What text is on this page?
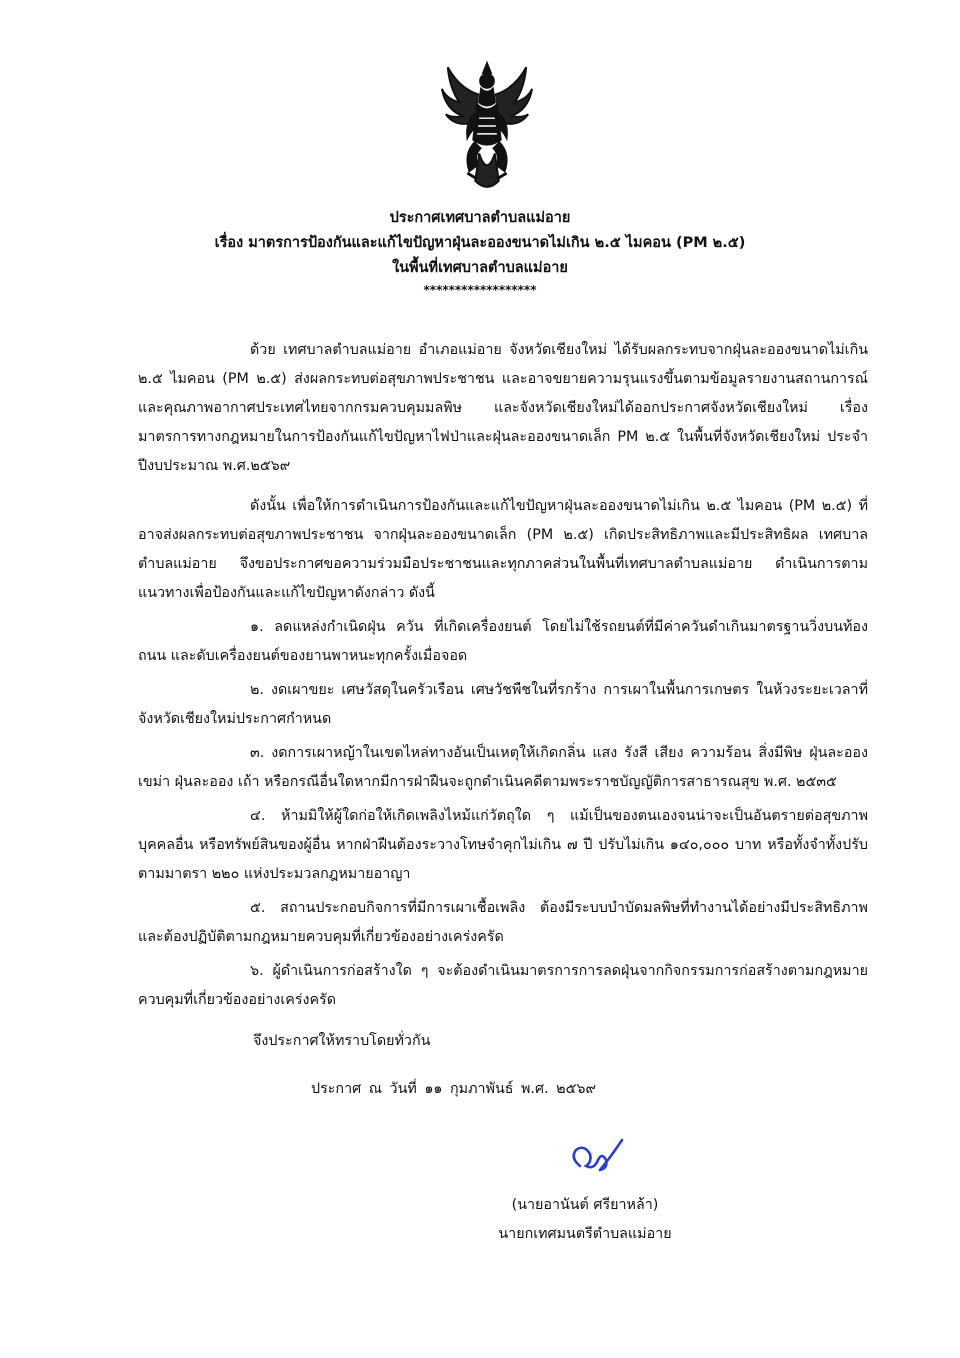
ประกาศเทศบาลตำบลแม่อาย
เรื่อง มาตรการป้องกันและแก้ไขปัญหาฝุ่นละอองขนาดไม่เกิน ๒.๕ ไมคอน (PM ๒.๕)
ในพื้นที่เทศบาลตำบลแม่อาย
******************

ด้วย เทศบาลตำบลแม่อาย อำเภอแม่อาย จังหวัดเชียงใหม่ ได้รับผลกระทบจากฝุ่นละอองขนาดไม่เกิน ๒.๕ ไมคอน (PM ๒.๕) ส่งผลกระทบต่อสุขภาพประชาชน และอาจขยายความรุนแรงขึ้นตามข้อมูลรายงานสถานการณ์และคุณภาพอากาศประเทศไทยจากกรมควบคุมมลพิษ และจังหวัดเชียงใหม่ได้ออกประกาศจังหวัดเชียงใหม่ เรื่อง มาตรการทางกฎหมายในการป้องกันแก้ไขปัญหาไฟป่าและฝุ่นละอองขนาดเล็ก PM ๒.๕ ในพื้นที่จังหวัดเชียงใหม่ ประจำปีงบประมาณ พ.ศ.๒๕๖๙

ดังนั้น เพื่อให้การดำเนินการป้องกันและแก้ไขปัญหาฝุ่นละอองขนาดไม่เกิน ๒.๕ ไมคอน (PM ๒.๕) ที่อาจส่งผลกระทบต่อสุขภาพประชาชน จากฝุ่นละอองขนาดเล็ก (PM ๒.๕) เกิดประสิทธิภาพและมีประสิทธิผล เทศบาลตำบลแม่อาย จึงขอประกาศขอความร่วมมือประชาชนและทุกภาคส่วนในพื้นที่เทศบาลตำบลแม่อาย ดำเนินการตามแนวทางเพื่อป้องกันและแก้ไขปัญหาดังกล่าว ดังนี้

๑. ลดแหล่งกำเนิดฝุ่น ควัน ที่เกิดเครื่องยนต์ โดยไม่ใช้รถยนต์ที่มีค่าควันดำเกินมาตรฐานวิ่งบนท้องถนน และดับเครื่องยนต์ของยานพาหนะทุกครั้งเมื่อจอด

๒. งดเผาขยะ เศษวัสดุในครัวเรือน เศษวัชพืชในที่รกร้าง การเผาในพื้นการเกษตร ในห้วงระยะเวลาที่จังหวัดเชียงใหม่ประกาศกำหนด

๓. งดการเผาหญ้าในเขตไหล่ทางอันเป็นเหตุให้เกิดกลิ่น แสง รังสี เสียง ความร้อน สิ่งมีพิษ ฝุ่นละออง เขม่า ฝุ่นละออง เถ้า หรือกรณีอื่นใดหากมีการฝ่าฝืนจะถูกดำเนินคดีตามพระราชบัญญัติการสาธารณสุข พ.ศ. ๒๕๓๕

๔. ห้ามมิให้ผู้ใดก่อให้เกิดเพลิงไหม้แก่วัตถุใด ๆ แม้เป็นของตนเองจนน่าจะเป็นอันตรายต่อสุขภาพบุคคลอื่น หรือทรัพย์สินของผู้อื่น หากฝ่าฝืนต้องระวางโทษจำคุกไม่เกิน ๗ ปี ปรับไม่เกิน ๑๔๐,๐๐๐ บาท หรือทั้งจำทั้งปรับ ตามมาตรา ๒๒๐ แห่งประมวลกฎหมายอาญา

๕. สถานประกอบกิจการที่มีการเผาเชื้อเพลิง ต้องมีระบบบำบัดมลพิษที่ทำงานได้อย่างมีประสิทธิภาพ และต้องปฏิบัติตามกฎหมายควบคุมที่เกี่ยวข้องอย่างเคร่งครัด

๖. ผู้ดำเนินการก่อสร้างใด ๆ จะต้องดำเนินมาตรการการลดฝุ่นจากกิจกรรมการก่อสร้างตามกฎหมายควบคุมที่เกี่ยวข้องอย่างเคร่งครัด

จึงประกาศให้ทราบโดยทั่วกัน
ประกาศ ณ วันที่ ๑๑ กุมภาพันธ์ พ.ศ. ๒๕๖๙
(นายอานันต์ ศรียาหล้า)
นายกเทศมนตรีตำบลแม่อาย
